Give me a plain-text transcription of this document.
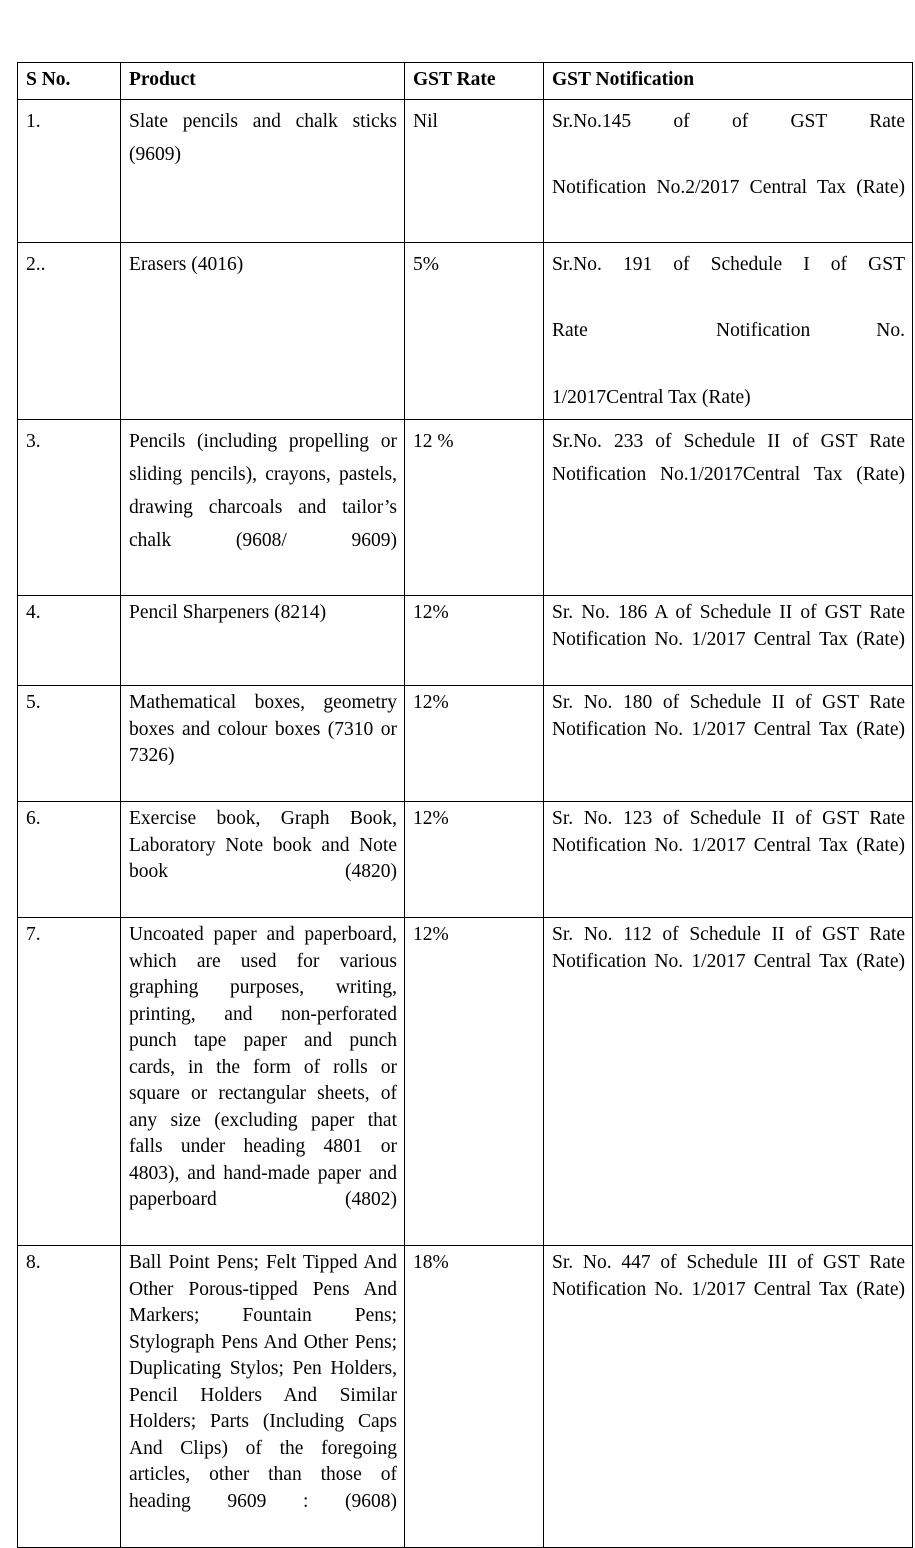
S No.	Product	GST Rate	GST Notification
1.	Slate pencils and chalk sticks (9609)	Nil	Sr.No.145 of of GST Rate
Notification No.2/2017 Central Tax (Rate)

2..	Erasers (4016)	5%	Sr.No. 191 of Schedule I of GST
Rate Notification No.
1/2017Central Tax (Rate)
3.	Pencils (including propelling or sliding pencils), crayons, pastels, drawing charcoals and tailor’s chalk (9608/ 9609)	12 %	Sr.No. 233 of Schedule II of GST Rate Notification No.1/2017Central Tax (Rate)

4.	Pencil Sharpeners (8214)	12%	Sr. No. 186 A of Schedule II of GST Rate Notification No. 1/2017 Central Tax (Rate)

5.	Mathematical boxes, geometry boxes and colour boxes (7310 or 7326)	12%	Sr. No. 180 of Schedule II of GST Rate Notification No. 1/2017 Central Tax (Rate)

6.	Exercise book, Graph Book, Laboratory Note book and Note book (4820)	12%	Sr. No. 123 of Schedule II of GST Rate Notification No. 1/2017 Central Tax (Rate)

7.	Uncoated paper and paperboard, which are used for various graphing purposes, writing, printing, and non-perforated punch tape paper and punch cards, in the form of rolls or square or rectangular sheets, of any size (excluding paper that falls under heading 4801 or 4803), and hand-made paper and paperboard (4802)	12%	Sr. No. 112 of Schedule II of GST Rate Notification No. 1/2017 Central Tax (Rate)

8.	Ball Point Pens; Felt Tipped And Other Porous-tipped Pens And Markers; Fountain Pens; Stylograph Pens And Other Pens; Duplicating Stylos; Pen Holders, Pencil Holders And Similar Holders; Parts (Including Caps And Clips) of the foregoing articles, other than those of heading 9609 : (9608)	18%	Sr. No. 447 of Schedule III of GST Rate Notification No. 1/2017 Central Tax (Rate)
